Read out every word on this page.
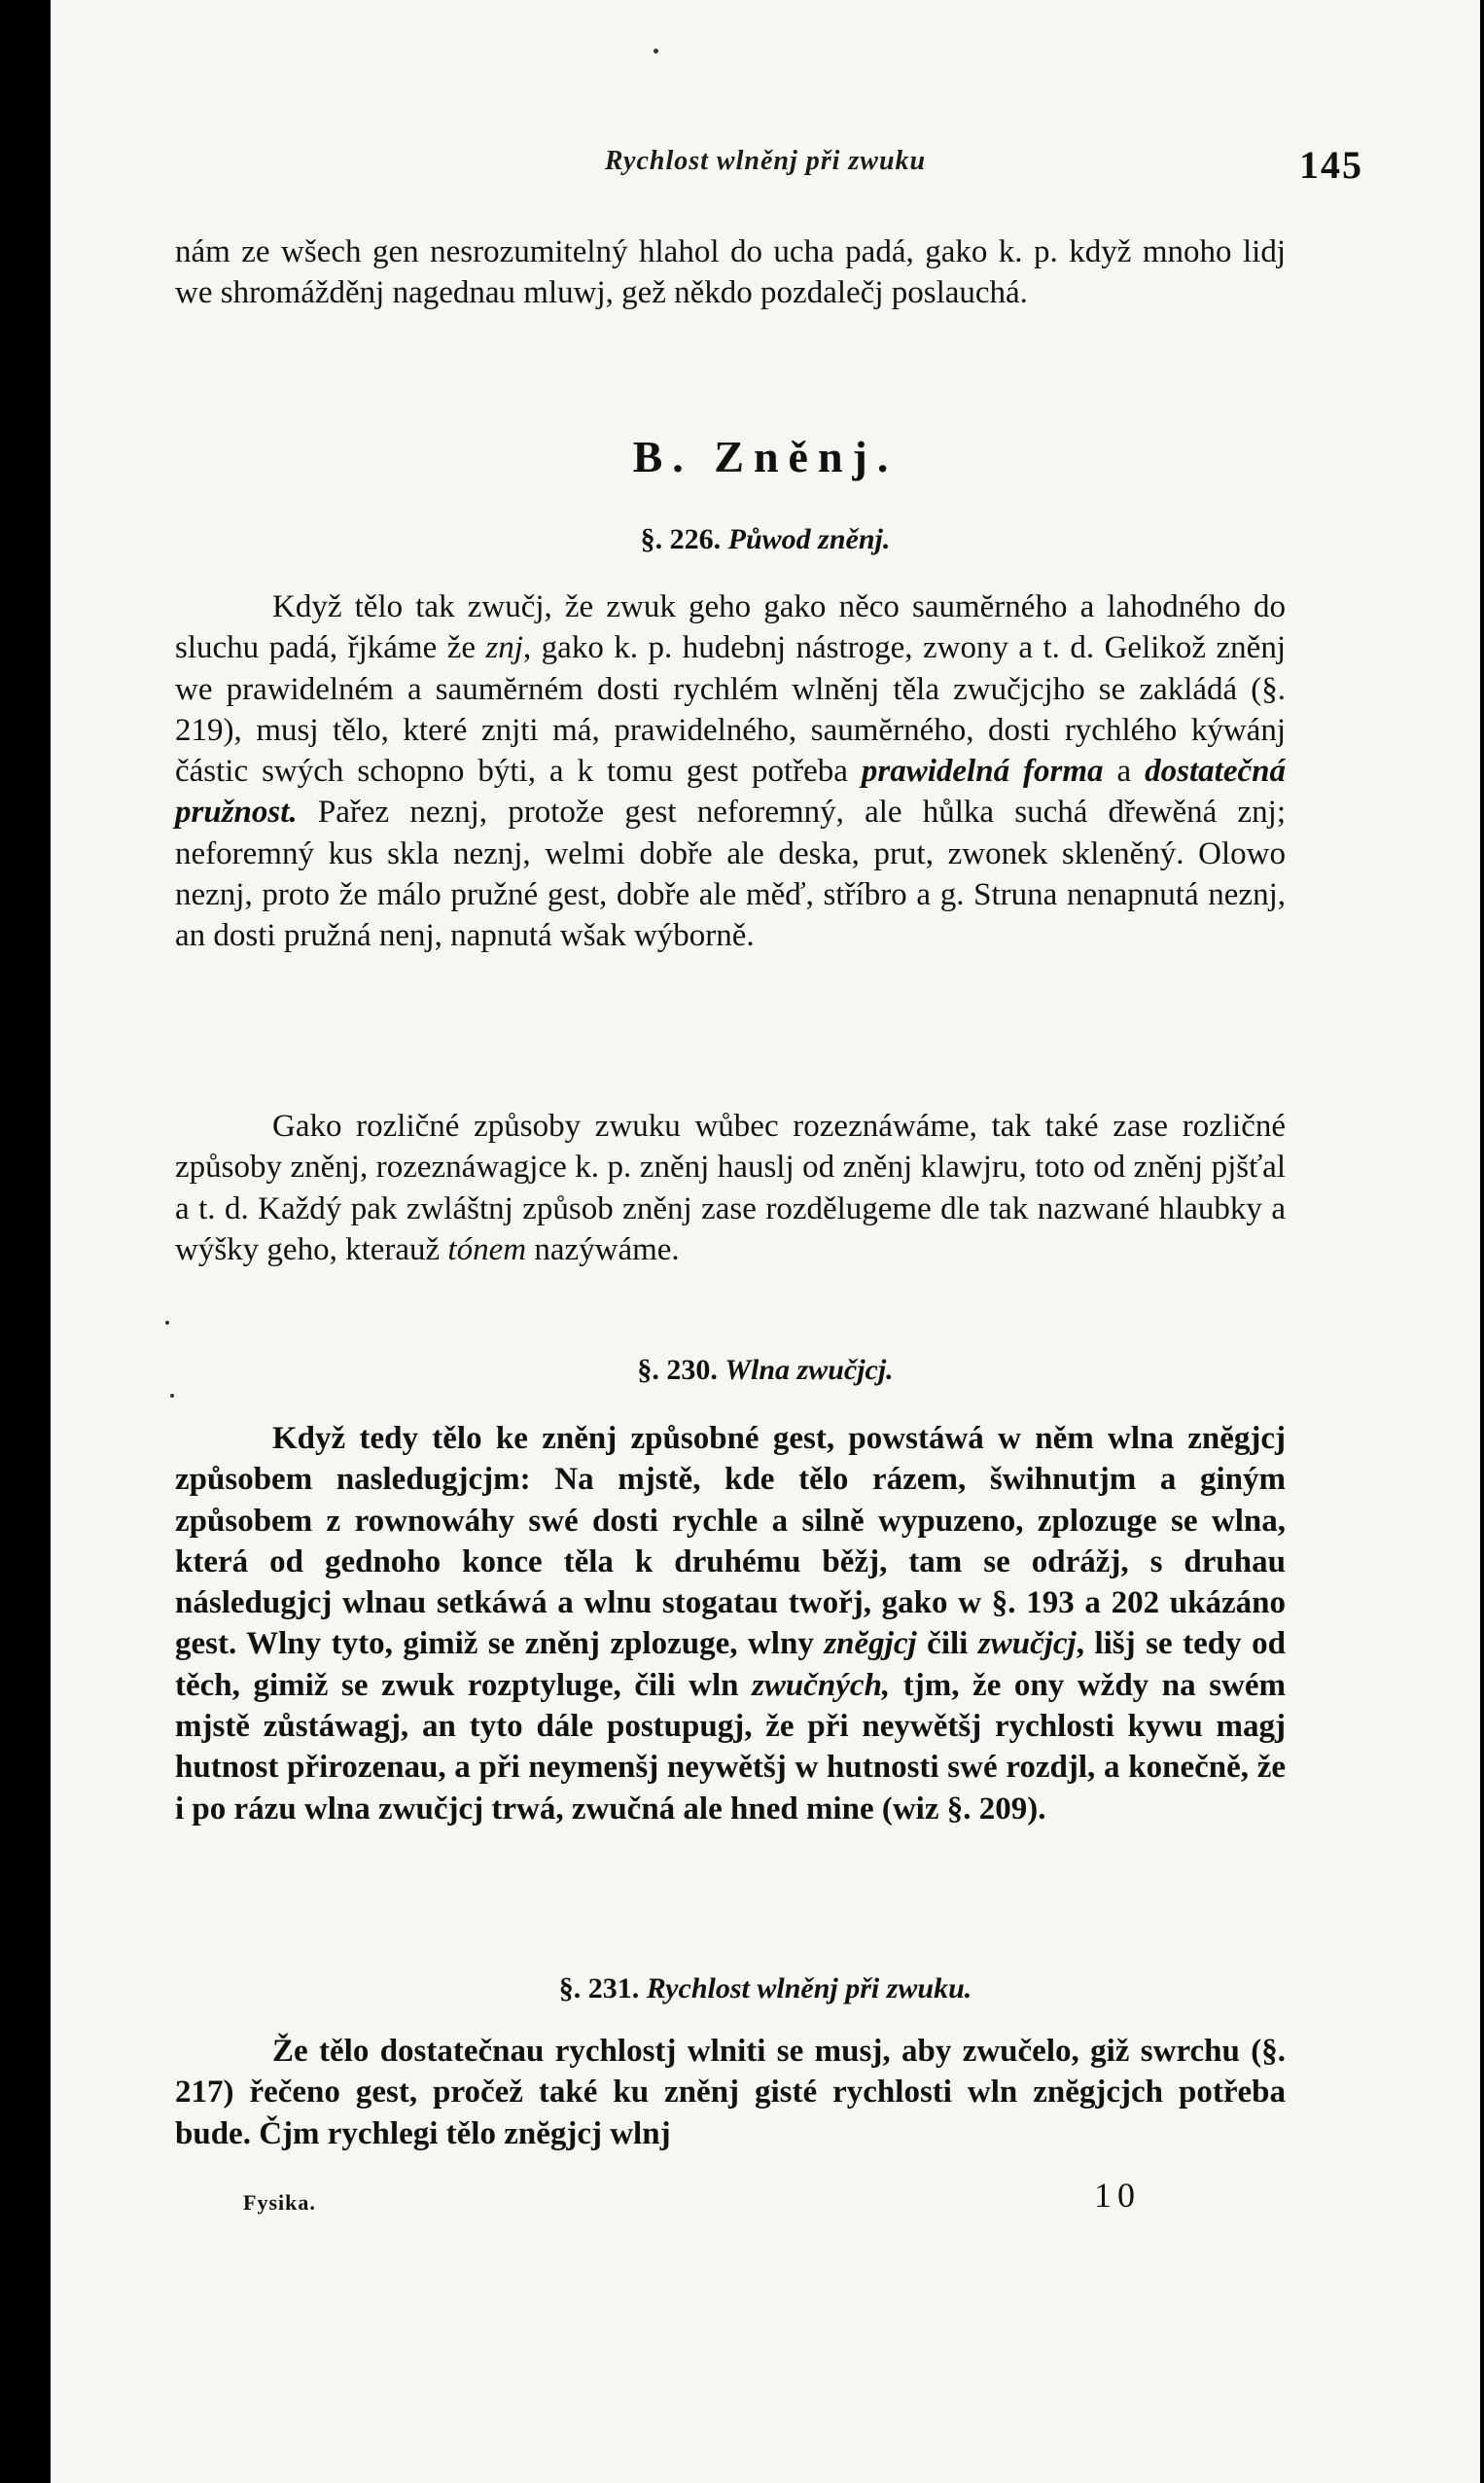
Rychlost wlněnj při zwuku	145

nám ze wšech gen nesrozumitelný hlahol do ucha padá, gako k. p. když mnoho lidj we shromážděnj nagednau mluwj, gež někdo pozdalečj poslauchá.

B. Zněnj.
§. 226. Půwod zněnj.

Když tělo tak zwučj, že zwuk geho gako něco saumĕrného a lahodného do sluchu padá, řjkáme že znj, gako k. p. hudebnj nástroge, zwony a t. d. Gelikož zněnj we prawidelném a saumĕrném dosti rychlém wlněnj těla zwučjcjho se zakládá (§. 219), musj tělo, které znjti má, prawidelného, saumĕrného, dosti rychlého kýwánj částic swých schopno býti, a k tomu gest potřeba prawidelná forma a dostatečná pružnost. Pařez neznj, protože gest neforemný, ale hůlka suchá dřewěná znj; neforemný kus skla neznj, welmi dobře ale deska, prut, zwonek skleněný. Olowo neznj, proto že málo pružné gest, dobře ale měď, stříbro a g. Struna nenapnutá neznj, an dosti pružná nenj, napnutá wšak wýborně.

Gako rozličné způsoby zwuku wůbec rozeznáwáme, tak také zase rozličné způsoby zněnj, rozeznáwagjce k. p. zněnj hauslj od zněnj klawjru, toto od zněnj pjšťal a t. d. Každý pak zwláštnj způsob zněnj zase rozdělugeme dle tak nazwané hlaubky a wýšky geho, kterauž tónem nazýwáme.

§. 230. Wlna zwučjcj.

Když tedy tělo ke zněnj způsobné gest, powstáwá w něm wlna znĕgjcj způsobem nasledugjcjm: Na mjstě, kde tělo rázem, šwihnutjm a giným způsobem z rownowáhy swé dosti rychle a silně wypuzeno, zplozuge se wlna, která od gednoho konce těla k druhému běžj, tam se odrážj, s druhau následugjcj wlnau setkáwá a wlnu stogatau twořj, gako w §. 193 a 202 ukázáno gest. Wlny tyto, gimiž se zněnj zplozuge, wlny znĕgjcj čili zwučjcj, lišj se tedy od těch, gimiž se zwuk rozptyluge, čili wln zwučných, tjm, že ony wždy na swém mjstě zůstáwagj, an tyto dále postupugj, že při neywětšj rychlosti kywu magj hutnost přirozenau, a při neymenšj neywětšj w hutnosti swé rozdjl, a konečně, že i po rázu wlna zwučjcj trwá, zwučná ale hned mine (wiz §. 209).

§. 231. Rychlost wlněnj při zwuku.

Že tělo dostatečnau rychlostj wlniti se musj, aby zwučelo, giž swrchu (§. 217) řečeno gest, pročež také ku zněnj gisté rychlosti wln znĕgjcjch potřeba bude. Čjm rychlegi tělo znĕgjcj wlnj

Fysika.	10
